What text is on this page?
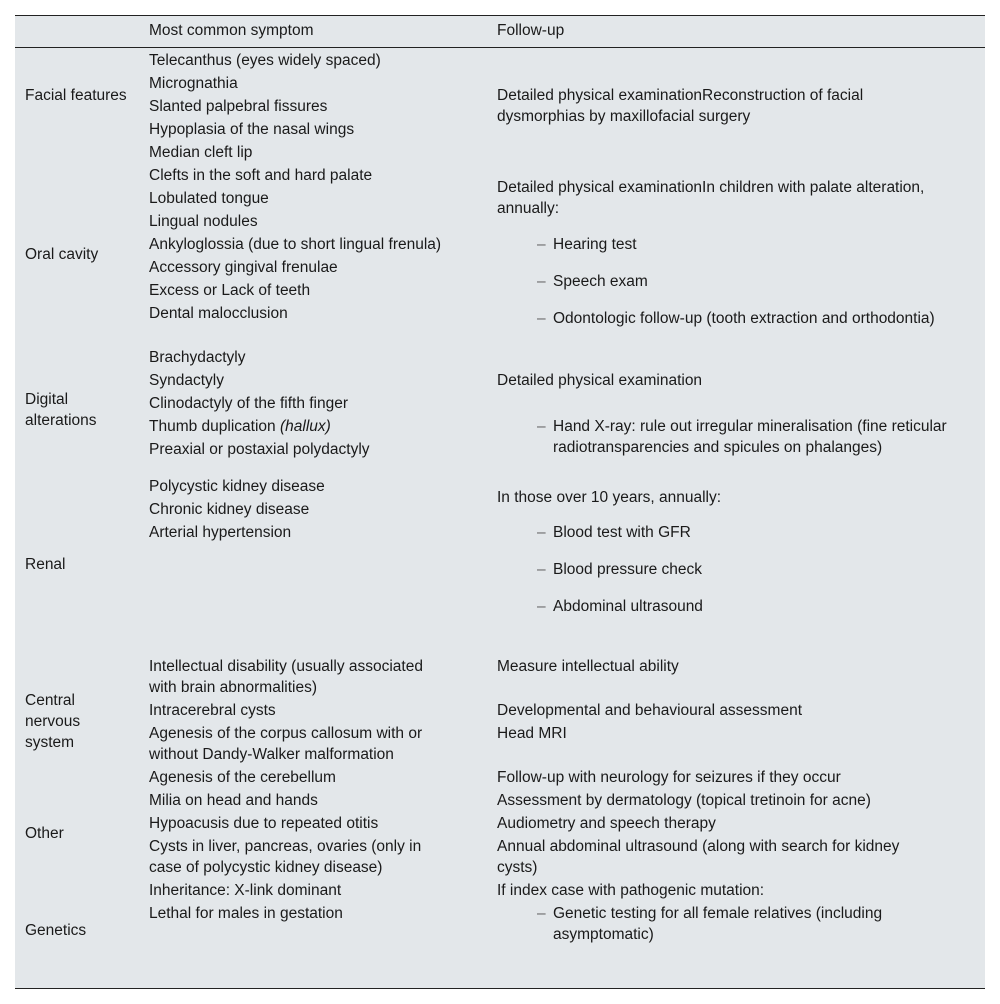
Most common symptom	Follow-up
Facial features
Telecanthus (eyes widely spaced)
Micrognathia
Slanted palpebral fissures
Hypoplasia of the nasal wings
Median cleft lip
Detailed physical examinationReconstruction of facial dysmorphias by maxillofacial surgery
Oral cavity
Clefts in the soft and hard palate
Lobulated tongue
Lingual nodules
Ankyloglossia (due to short lingual frenula)
Accessory gingival frenulae
Excess or Lack of teeth
Dental malocclusion
Detailed physical examinationIn children with palate alteration, annually:
– Hearing test
– Speech exam
– Odontologic follow-up (tooth extraction and orthodontia)
Digital alterations
Brachydactyly
Syndactyly
Clinodactyly of the fifth finger
Thumb duplication (hallux)
Preaxial or postaxial polydactyly
Detailed physical examination
– Hand X-ray: rule out irregular mineralisation (fine reticular radiotransparencies and spicules on phalanges)
Renal
Polycystic kidney disease
Chronic kidney disease
Arterial hypertension
In those over 10 years, annually:
– Blood test with GFR
– Blood pressure check
– Abdominal ultrasound
Central nervous system
Intellectual disability (usually associated with brain abnormalities)
Intracerebral cysts
Agenesis of the corpus callosum with or without Dandy-Walker malformation
Agenesis of the cerebellum
Measure intellectual ability
Developmental and behavioural assessment
Head MRI
Follow-up with neurology for seizures if they occur
Other
Milia on head and hands
Hypoacusis due to repeated otitis
Cysts in liver, pancreas, ovaries (only in case of polycystic kidney disease)
Assessment by dermatology (topical tretinoin for acne)
Audiometry and speech therapy
Annual abdominal ultrasound (along with search for kidney cysts)
Genetics
Inheritance: X-link dominant
Lethal for males in gestation
If index case with pathogenic mutation:
– Genetic testing for all female relatives (including asymptomatic)
